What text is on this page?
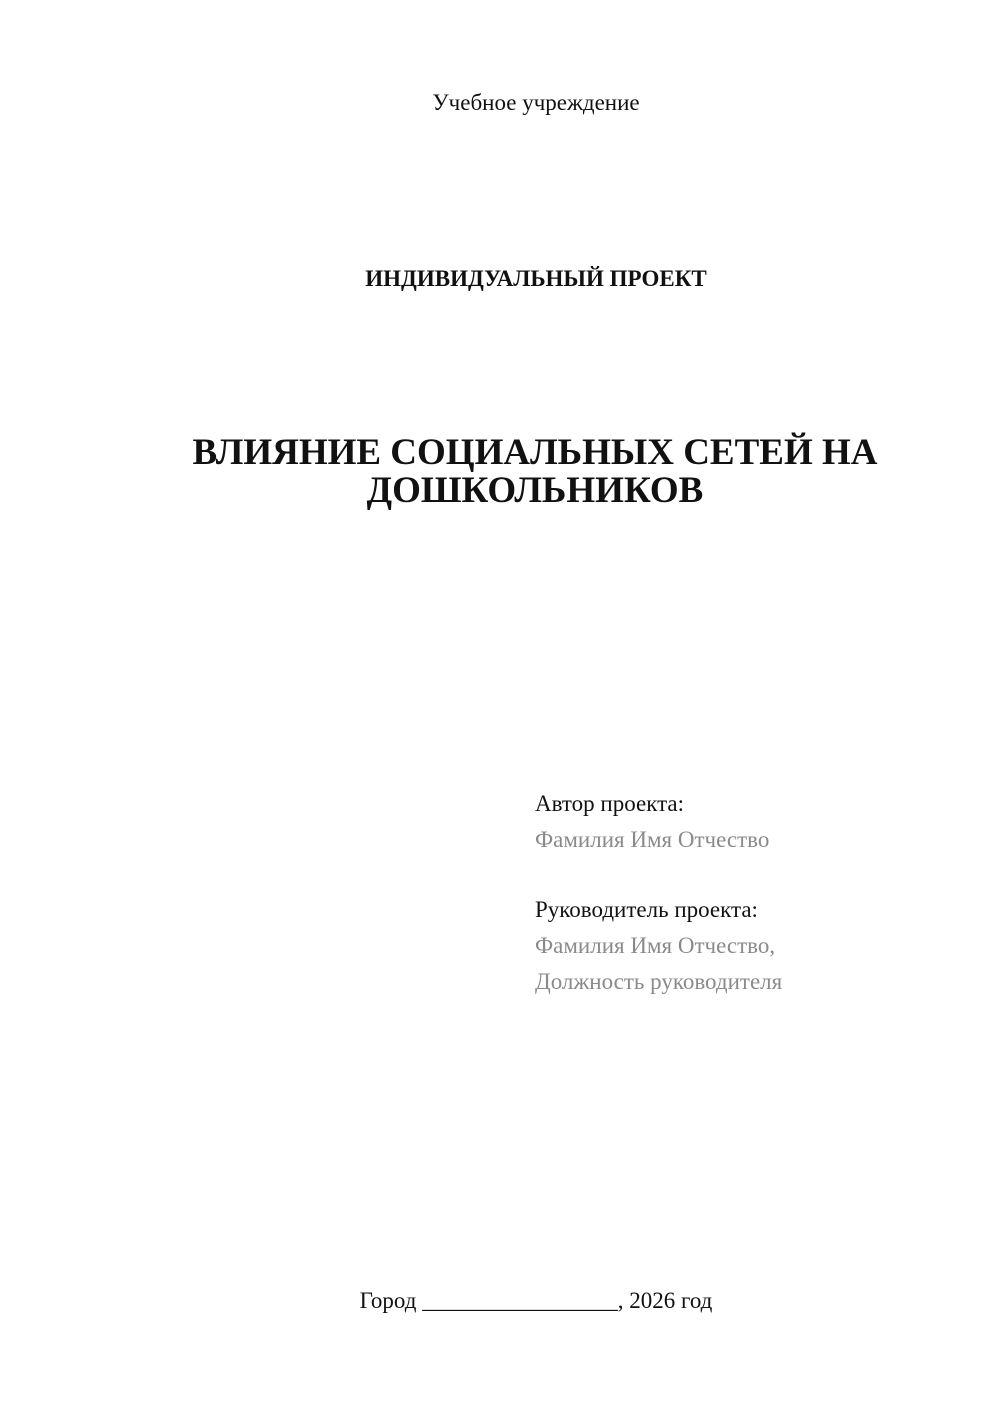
Учебное учреждение

ИНДИВИДУАЛЬНЫЙ ПРОЕКТ

ВЛИЯНИЕ СОЦИАЛЬНЫХ СЕТЕЙ НА
ДОШКОЛЬНИКОВ

Автор проекта:

Фамилия Имя Отчество

Руководитель проекта:

Фамилия Имя Отчество,

Должность руководителя

Город _________________, 2026 год
